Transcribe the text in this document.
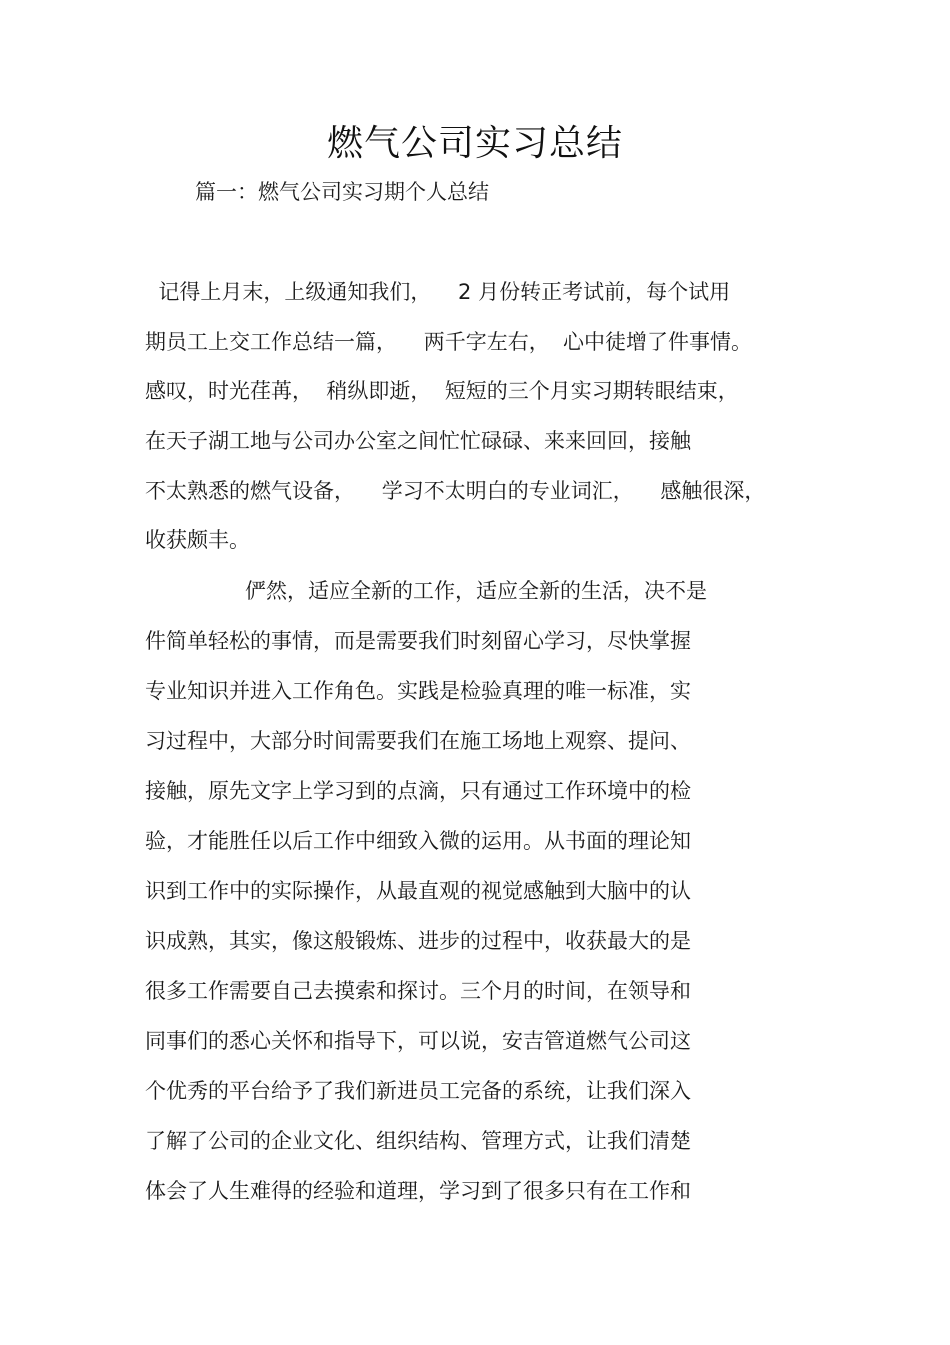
燃气公司实习总结

篇一：燃气公司实习期个人总结

记得上月末，上级通知我们，    2 月份转正考试前，每个试用

期员工上交工作总结一篇，    两千字左右，  心中徒增了件事情。

感叹，时光荏苒，  稍纵即逝，  短短的三个月实习期转眼结束，

在天子湖工地与公司办公室之间忙忙碌碌、来来回回，接触

不太熟悉的燃气设备，    学习不太明白的专业词汇，    感触很深，

收获颇丰。

俨然，适应全新的工作，适应全新的生活，决不是

件简单轻松的事情，而是需要我们时刻留心学习，尽快掌握

专业知识并进入工作角色。实践是检验真理的唯一标准，实

习过程中，大部分时间需要我们在施工场地上观察、提问、

接触，原先文字上学习到的点滴，只有通过工作环境中的检

验，才能胜任以后工作中细致入微的运用。从书面的理论知

识到工作中的实际操作，从最直观的视觉感触到大脑中的认

识成熟，其实，像这般锻炼、进步的过程中，收获最大的是

很多工作需要自己去摸索和探讨。三个月的时间，在领导和

同事们的悉心关怀和指导下，可以说，安吉管道燃气公司这

个优秀的平台给予了我们新进员工完备的系统，让我们深入

了解了公司的企业文化、组织结构、管理方式，让我们清楚

体会了人生难得的经验和道理，学习到了很多只有在工作和
